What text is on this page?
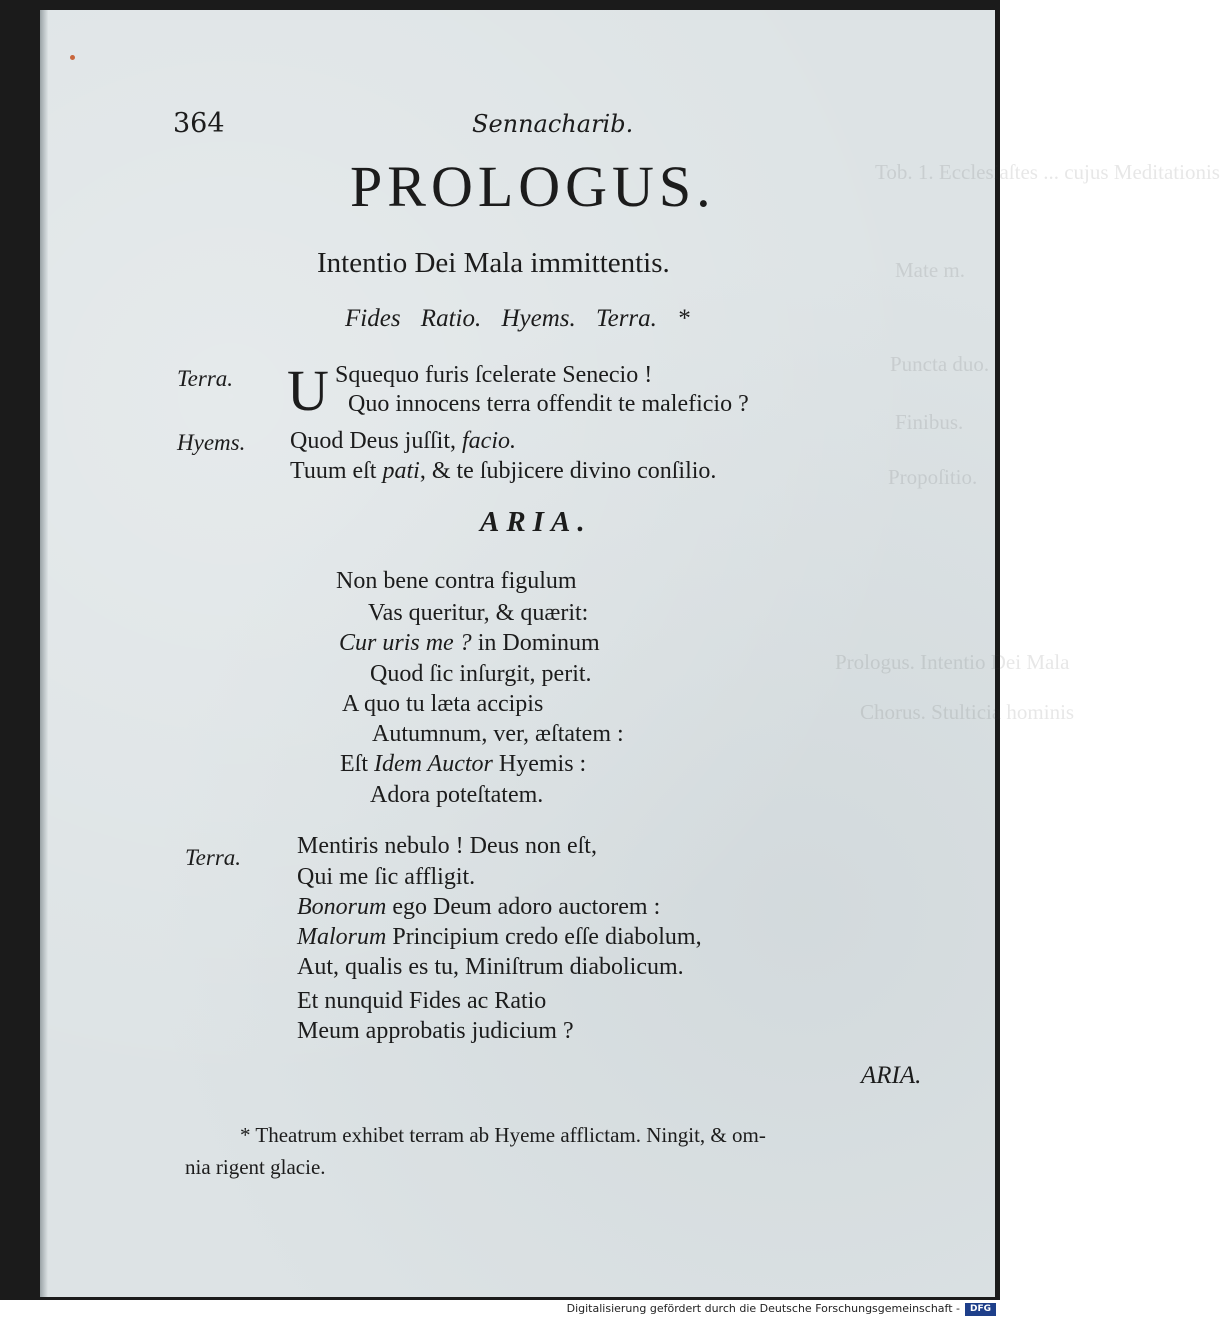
Tob. 1. Ecclesiaſtes ... cujus Meditationis
Mate m.
Puncta duo.
Finibus.
Propoſitio.
Prologus. Intentio Dei Mala
Chorus. Stulticia hominis
364	Sennacharib.
PROLOGUS.
Intentio Dei Mala immittentis.
Fides Ratio. Hyems. Terra. *
Terra. U Squequo furis ſcelerate Senecio !
Quo innocens terra offendit te maleficio ?
Hyems. Quod Deus juſſit, facio.
Tuum eſt pati, & te ſubjicere divino conſilio.
ARIA.
Non bene contra figulum
Vas queritur, & quærit:
Cur uris me ? in Dominum
Quod ſic inſurgit, perit.
A quo tu læta accipis
Autumnum, ver, æſtatem :
Eſt Idem Auctor Hyemis :
Adora poteſtatem.
Terra. Mentiris nebulo ! Deus non eſt,
Qui me ſic affligit.
Bonorum ego Deum adoro auctorem :
Malorum Principium credo eſſe diabolum,
Aut, qualis es tu, Miniſtrum diabolicum.
Et nunquid Fides ac Ratio
Meum approbatis judicium ?
ARIA.
* Theatrum exhibet terram ab Hyeme afflictam. Ningit, & om-
nia rigent glacie.
Digitalisierung gefördert durch die Deutsche Forschungsgemeinschaft -	DFG
